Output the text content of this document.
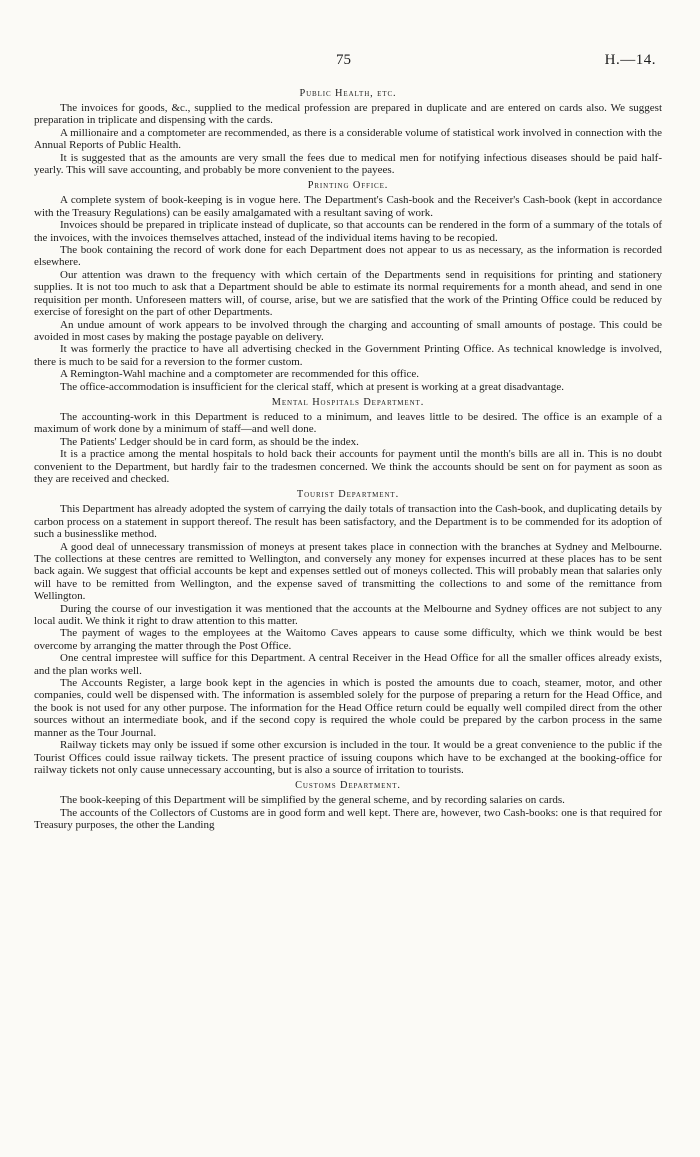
75	H.—14.
Public Health, etc.

The invoices for goods, &c., supplied to the medical profession are prepared in duplicate and are entered on cards also. We suggest preparation in triplicate and dispensing with the cards.

A millionaire and a comptometer are recommended, as there is a considerable volume of statistical work involved in connection with the Annual Reports of Public Health.

It is suggested that as the amounts are very small the fees due to medical men for notifying infectious diseases should be paid half-yearly. This will save accounting, and probably be more convenient to the payees.

Printing Office.

A complete system of book-keeping is in vogue here. The Department's Cash-book and the Receiver's Cash-book (kept in accordance with the Treasury Regulations) can be easily amalgamated with a resultant saving of work.

Invoices should be prepared in triplicate instead of duplicate, so that accounts can be rendered in the form of a summary of the totals of the invoices, with the invoices themselves attached, instead of the individual items having to be recopied.

The book containing the record of work done for each Department does not appear to us as necessary, as the information is recorded elsewhere.

Our attention was drawn to the frequency with which certain of the Departments send in requisitions for printing and stationery supplies. It is not too much to ask that a Department should be able to estimate its normal requirements for a month ahead, and send in one requisition per month. Unforeseen matters will, of course, arise, but we are satisfied that the work of the Printing Office could be reduced by exercise of foresight on the part of other Departments.

An undue amount of work appears to be involved through the charging and accounting of small amounts of postage. This could be avoided in most cases by making the postage payable on delivery.

It was formerly the practice to have all advertising checked in the Government Printing Office. As technical knowledge is involved, there is much to be said for a reversion to the former custom.

A Remington-Wahl machine and a comptometer are recommended for this office.

The office-accommodation is insufficient for the clerical staff, which at present is working at a great disadvantage.

Mental Hospitals Department.

The accounting-work in this Department is reduced to a minimum, and leaves little to be desired. The office is an example of a maximum of work done by a minimum of staff—and well done.

The Patients' Ledger should be in card form, as should be the index.

It is a practice among the mental hospitals to hold back their accounts for payment until the month's bills are all in. This is no doubt convenient to the Department, but hardly fair to the tradesmen concerned. We think the accounts should be sent on for payment as soon as they are received and checked.

Tourist Department.

This Department has already adopted the system of carrying the daily totals of transaction into the Cash-book, and duplicating details by carbon process on a statement in support thereof. The result has been satisfactory, and the Department is to be commended for its adoption of such a businesslike method.

A good deal of unnecessary transmission of moneys at present takes place in connection with the branches at Sydney and Melbourne. The collections at these centres are remitted to Wellington, and conversely any money for expenses incurred at these places has to be sent back again. We suggest that official accounts be kept and expenses settled out of moneys collected. This will probably mean that salaries only will have to be remitted from Wellington, and the expense saved of transmitting the collections to and some of the remittance from Wellington.

During the course of our investigation it was mentioned that the accounts at the Melbourne and Sydney offices are not subject to any local audit. We think it right to draw attention to this matter.

The payment of wages to the employees at the Waitomo Caves appears to cause some difficulty, which we think would be best overcome by arranging the matter through the Post Office.

One central imprestee will suffice for this Department. A central Receiver in the Head Office for all the smaller offices already exists, and the plan works well.

The Accounts Register, a large book kept in the agencies in which is posted the amounts due to coach, steamer, motor, and other companies, could well be dispensed with. The information is assembled solely for the purpose of preparing a return for the Head Office, and the book is not used for any other purpose. The information for the Head Office return could be equally well compiled direct from the other sources without an intermediate book, and if the second copy is required the whole could be prepared by the carbon process in the same manner as the Tour Journal.

Railway tickets may only be issued if some other excursion is included in the tour. It would be a great convenience to the public if the Tourist Offices could issue railway tickets. The present practice of issuing coupons which have to be exchanged at the booking-office for railway tickets not only cause unnecessary accounting, but is also a source of irritation to tourists.

Customs Department.

The book-keeping of this Department will be simplified by the general scheme, and by recording salaries on cards.

The accounts of the Collectors of Customs are in good form and well kept. There are, however, two Cash-books: one is that required for Treasury purposes, the other the Landing
